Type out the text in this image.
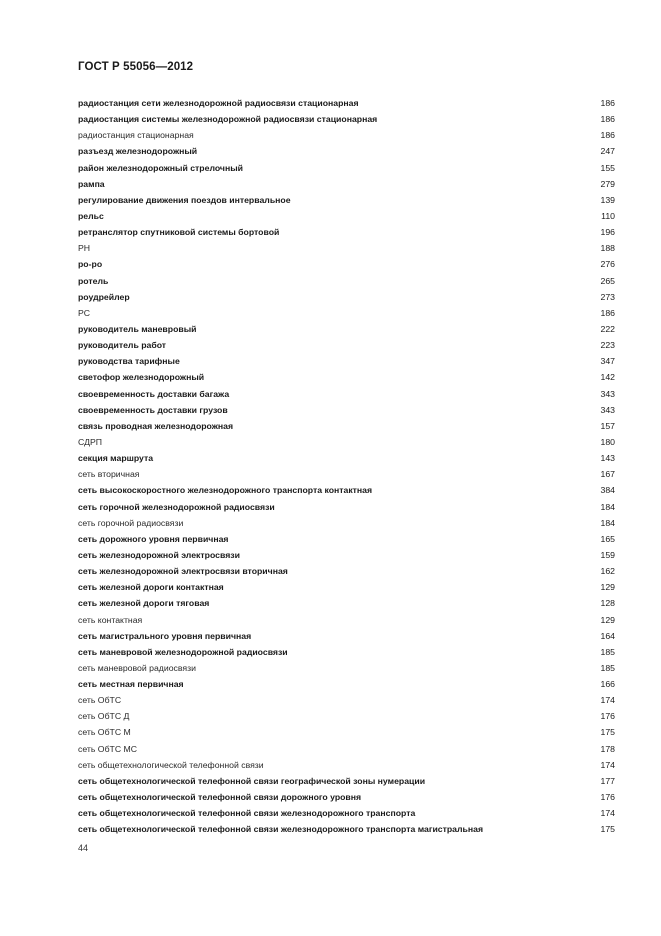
ГОСТ Р 55056—2012
радиостанция сети железнодорожной радиосвязи стационарная	186
радиостанция системы железнодорожной радиосвязи стационарная	186
радиостанция стационарная	186
разъезд железнодорожный	247
район железнодорожный стрелочный	155
рампа	279
регулирование движения поездов интервальное	139
рельс	110
ретранслятор спутниковой системы бортовой	196
РН	188
ро-ро	276
ротель	265
роудрейлер	273
РС	186
руководитель маневровый	222
руководитель работ	223
руководства тарифные	347
светофор железнодорожный	142
своевременность доставки багажа	343
своевременность доставки грузов	343
связь проводная железнодорожная	157
СДРП	180
секция маршрута	143
сеть вторичная	167
сеть высокоскоростного железнодорожного транспорта контактная	384
сеть горочной железнодорожной радиосвязи	184
сеть горочной радиосвязи	184
сеть дорожного уровня первичная	165
сеть железнодорожной электросвязи	159
сеть железнодорожной электросвязи вторичная	162
сеть железной дороги контактная	129
сеть железной дороги тяговая	128
сеть контактная	129
сеть магистрального уровня первичная	164
сеть маневровой железнодорожной радиосвязи	185
сеть маневровой радиосвязи	185
сеть местная первичная	166
сеть ОбТС	174
сеть ОбТС Д	176
сеть ОбТС М	175
сеть ОбТС МС	178
сеть общетехнологической телефонной связи	174
сеть общетехнологической телефонной связи географической зоны нумерации	177
сеть общетехнологической телефонной связи дорожного уровня	176
сеть общетехнологической телефонной связи железнодорожного транспорта	174
сеть общетехнологической телефонной связи железнодорожного транспорта магистральная	175
44
